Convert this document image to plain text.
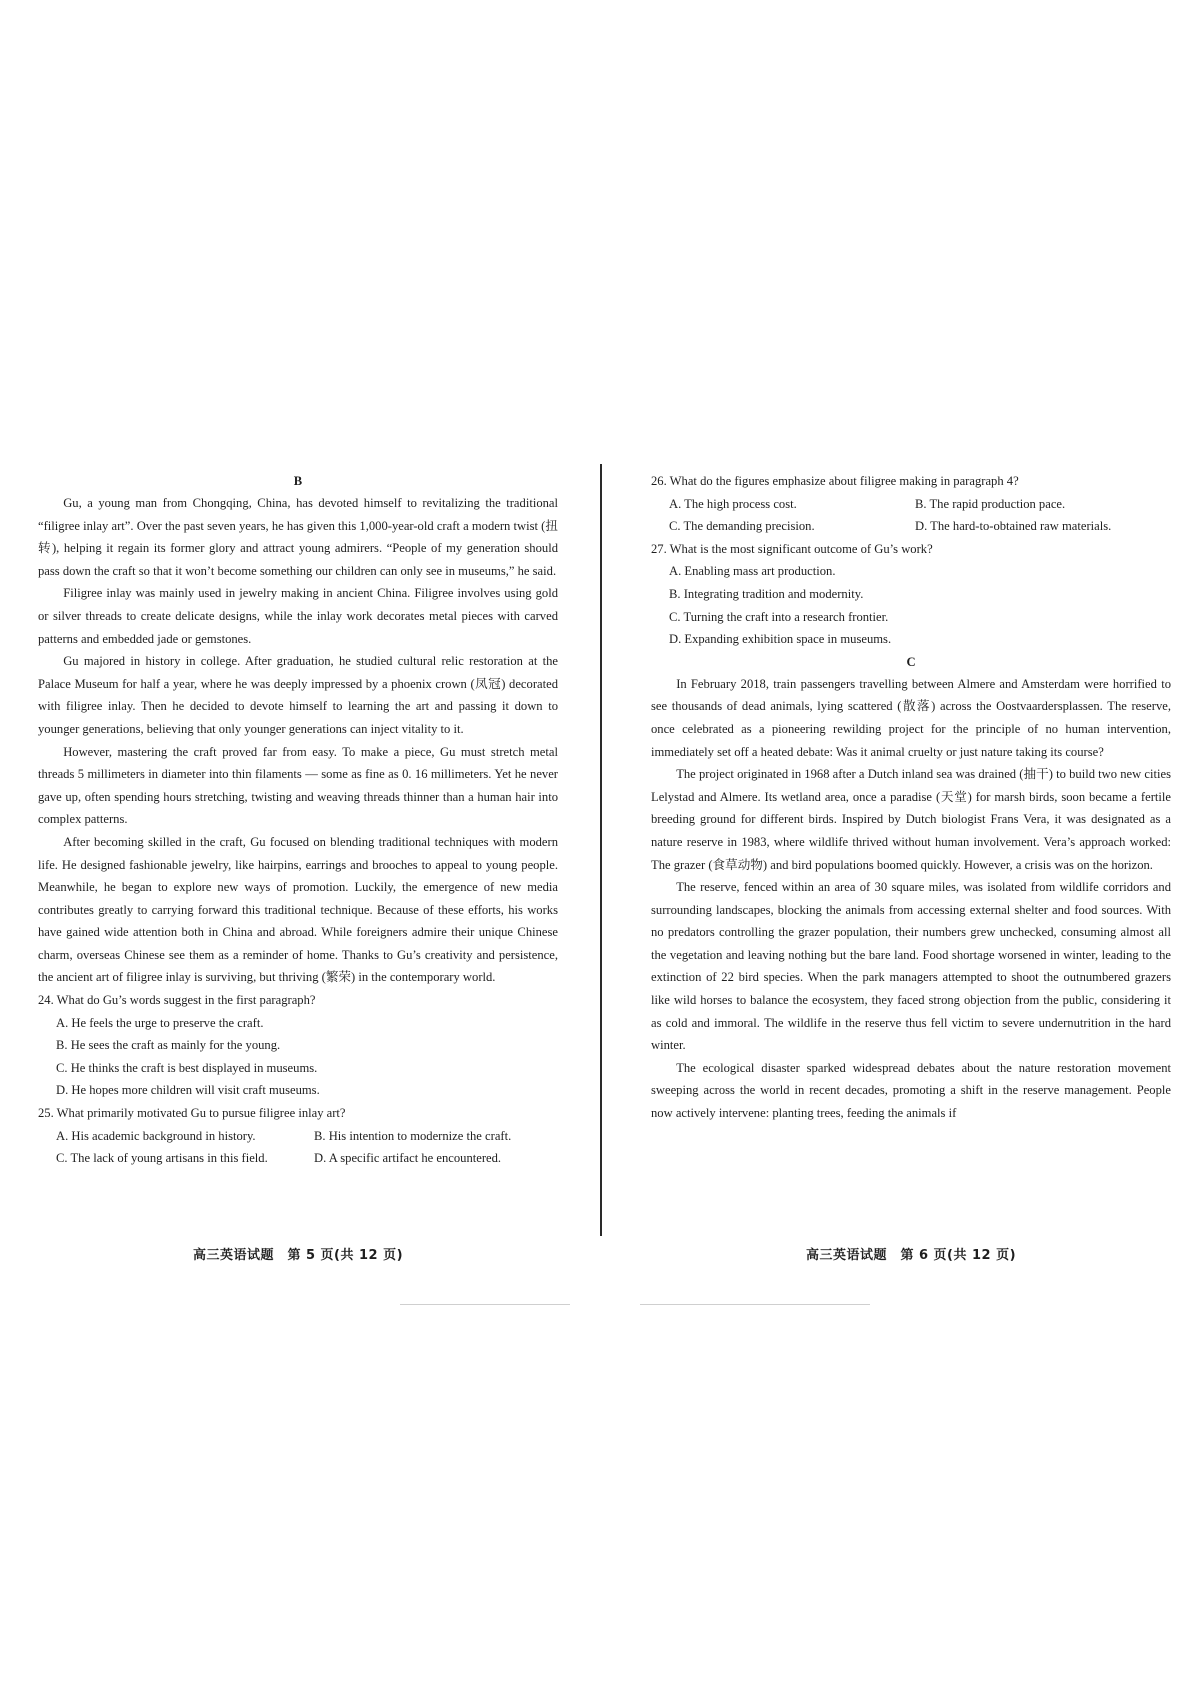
B

Gu, a young man from Chongqing, China, has devoted himself to revitalizing the traditional “filigree inlay art”. Over the past seven years, he has given this 1,000-year-old craft a modern twist (扭转), helping it regain its former glory and attract young admirers. “People of my generation should pass down the craft so that it won’t become something our children can only see in museums,” he said.

Filigree inlay was mainly used in jewelry making in ancient China. Filigree involves using gold or silver threads to create delicate designs, while the inlay work decorates metal pieces with carved patterns and embedded jade or gemstones.

Gu majored in history in college. After graduation, he studied cultural relic restoration at the Palace Museum for half a year, where he was deeply impressed by a phoenix crown (凤冠) decorated with filigree inlay. Then he decided to devote himself to learning the art and passing it down to younger generations, believing that only younger generations can inject vitality to it.

However, mastering the craft proved far from easy. To make a piece, Gu must stretch metal threads 5 millimeters in diameter into thin filaments — some as fine as 0. 16 millimeters. Yet he never gave up, often spending hours stretching, twisting and weaving threads thinner than a human hair into complex patterns.

After becoming skilled in the craft, Gu focused on blending traditional techniques with modern life. He designed fashionable jewelry, like hairpins, earrings and brooches to appeal to young people. Meanwhile, he began to explore new ways of promotion. Luckily, the emergence of new media contributes greatly to carrying forward this traditional technique. Because of these efforts, his works have gained wide attention both in China and abroad. While foreigners admire their unique Chinese charm, overseas Chinese see them as a reminder of home. Thanks to Gu’s creativity and persistence, the ancient art of filigree inlay is surviving, but thriving (繁荣) in the contemporary world.

24. What do Gu’s words suggest in the first paragraph?

A. He feels the urge to preserve the craft.
B. He sees the craft as mainly for the young.
C. He thinks the craft is best displayed in museums.
D. He hopes more children will visit craft museums.

25. What primarily motivated Gu to pursue filigree inlay art?

A. His academic background in history.	B. His intention to modernize the craft.
C. The lack of young artisans in this field.	D. A specific artifact he encountered.

26. What do the figures emphasize about filigree making in paragraph 4?

A. The high process cost.	B. The rapid production pace.
C. The demanding precision.	D. The hard-to-obtained raw materials.

27. What is the most significant outcome of Gu’s work?

A. Enabling mass art production.
B. Integrating tradition and modernity.
C. Turning the craft into a research frontier.
D. Expanding exhibition space in museums.

C

In February 2018, train passengers travelling between Almere and Amsterdam were horrified to see thousands of dead animals, lying scattered (散落) across the Oostvaardersplassen. The reserve, once celebrated as a pioneering rewilding project for the principle of no human intervention, immediately set off a heated debate: Was it animal cruelty or just nature taking its course?

The project originated in 1968 after a Dutch inland sea was drained (抽干) to build two new cities Lelystad and Almere. Its wetland area, once a paradise (天堂) for marsh birds, soon became a fertile breeding ground for different birds. Inspired by Dutch biologist Frans Vera, it was designated as a nature reserve in 1983, where wildlife thrived without human involvement. Vera’s approach worked: The grazer (食草动物) and bird populations boomed quickly. However, a crisis was on the horizon.

The reserve, fenced within an area of 30 square miles, was isolated from wildlife corridors and surrounding landscapes, blocking the animals from accessing external shelter and food sources. With no predators controlling the grazer population, their numbers grew unchecked, consuming almost all the vegetation and leaving nothing but the bare land. Food shortage worsened in winter, leading to the extinction of 22 bird species. When the park managers attempted to shoot the outnumbered grazers like wild horses to balance the ecosystem, they faced strong objection from the public, considering it as cold and immoral. The wildlife in the reserve thus fell victim to severe undernutrition in the hard winter.

The ecological disaster sparked widespread debates about the nature restoration movement sweeping across the world in recent decades, promoting a shift in the reserve management. People now actively intervene: planting trees, feeding the animals if

高三英语试题　第 5 页(共 12 页)	高三英语试题　第 6 页(共 12 页)
